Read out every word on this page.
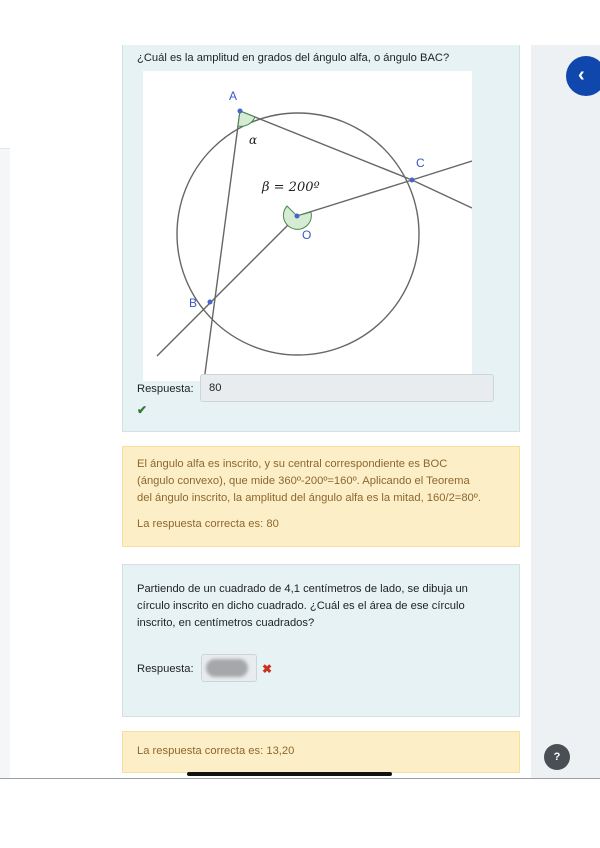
‹
¿Cuál es la amplitud en grados del ángulo alfa, o ángulo BAC?
A
C
B
O
α
β = 200º
Respuesta:	80
✔
El ángulo alfa es inscrito, y su central correspondiente es BOC
(ángulo convexo), que mide 360º-200º=160º. Aplicando el Teorema
del ángulo inscrito, la amplitud del ángulo alfa es la mitad, 160/2=80º.
La respuesta correcta es: 80
Partiendo de un cuadrado de 4,1 centímetros de lado, se dibuja un
círculo inscrito en dicho cuadrado. ¿Cuál es el área de ese círculo
inscrito, en centímetros cuadrados?
Respuesta:	✖
La respuesta correcta es: 13,20	?
